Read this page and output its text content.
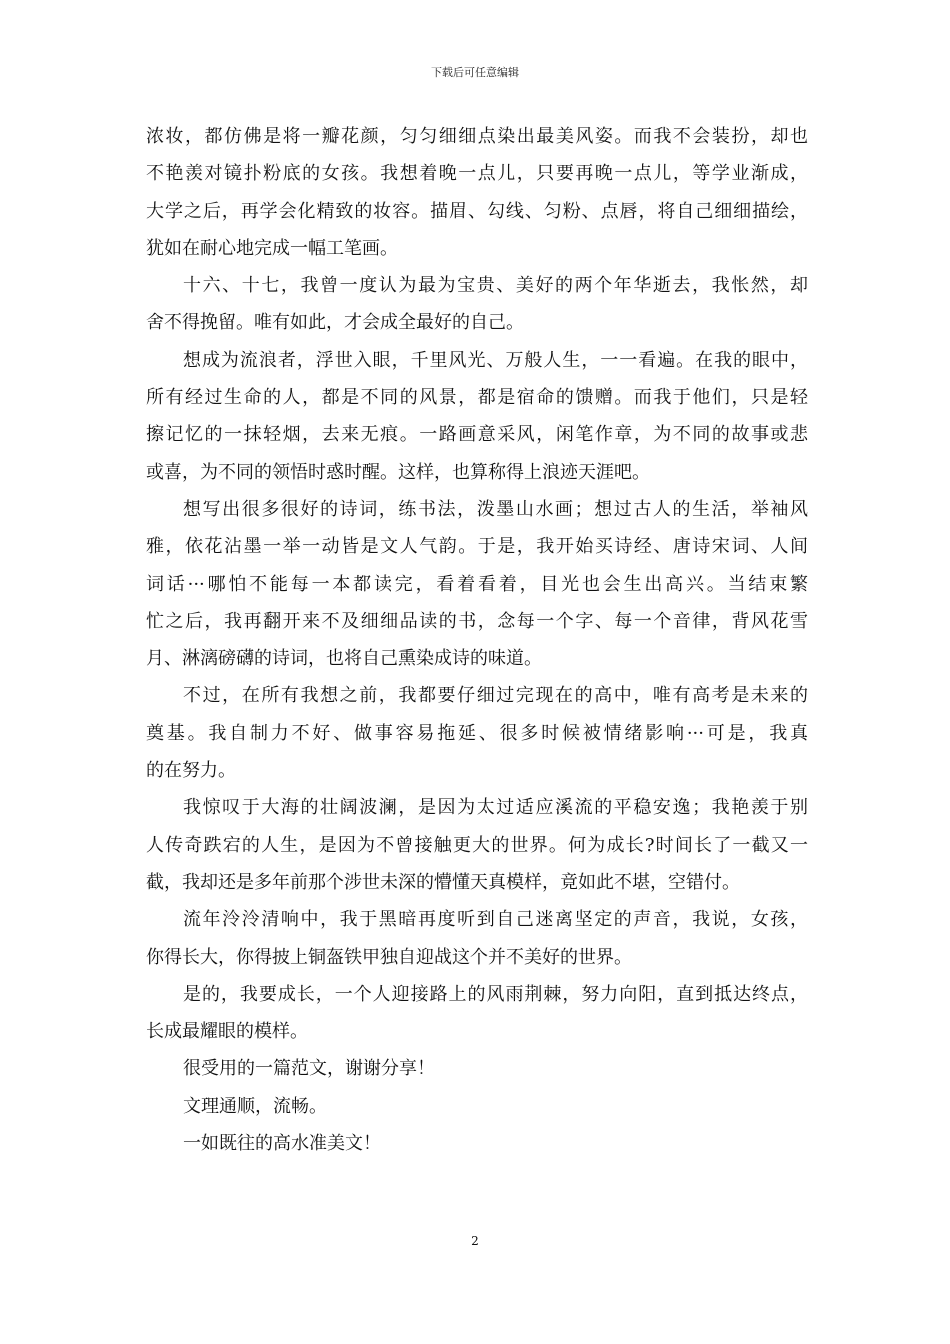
下载后可任意编辑
浓妆，都仿佛是将一瓣花颜，匀匀细细点染出最美风姿。而我不会装扮，却也
不艳羡对镜扑粉底的女孩。我想着晚一点儿，只要再晚一点儿，等学业渐成，
大学之后，再学会化精致的妆容。描眉、勾线、匀粉、点唇，将自己细细描绘，
犹如在耐心地完成一幅工笔画。
十六、十七，我曾一度认为最为宝贵、美好的两个年华逝去，我怅然，却
舍不得挽留。唯有如此，才会成全最好的自己。
想成为流浪者，浮世入眼，千里风光、万般人生，一一看遍。在我的眼中，
所有经过生命的人，都是不同的风景，都是宿命的馈赠。而我于他们，只是轻
擦记忆的一抹轻烟，去来无痕。一路画意采风，闲笔作章，为不同的故事或悲
或喜，为不同的领悟时惑时醒。这样，也算称得上浪迹天涯吧。
想写出很多很好的诗词，练书法，泼墨山水画；想过古人的生活，举袖风
雅，依花沾墨一举一动皆是文人气韵。于是，我开始买诗经、唐诗宋词、人间
词话···哪怕不能每一本都读完，看着看着，目光也会生出高兴。当结束繁
忙之后，我再翻开来不及细细品读的书，念每一个字、每一个音律，背风花雪
月、淋漓磅礴的诗词，也将自己熏染成诗的味道。
不过，在所有我想之前，我都要仔细过完现在的高中，唯有高考是未来的
奠基。我自制力不好、做事容易拖延、很多时候被情绪影响···可是，我真
的在努力。
我惊叹于大海的壮阔波澜，是因为太过适应溪流的平稳安逸；我艳羡于别
人传奇跌宕的人生，是因为不曾接触更大的世界。何为成长?时间长了一截又一
截，我却还是多年前那个涉世未深的懵懂天真模样，竟如此不堪，空错付。
流年泠泠清响中，我于黑暗再度听到自己迷离坚定的声音，我说，女孩，
你得长大，你得披上铜盔铁甲独自迎战这个并不美好的世界。
是的，我要成长，一个人迎接路上的风雨荆棘，努力向阳，直到抵达终点，
长成最耀眼的模样。
很受用的一篇范文，谢谢分享！
文理通顺，流畅。
一如既往的高水准美文！
2
